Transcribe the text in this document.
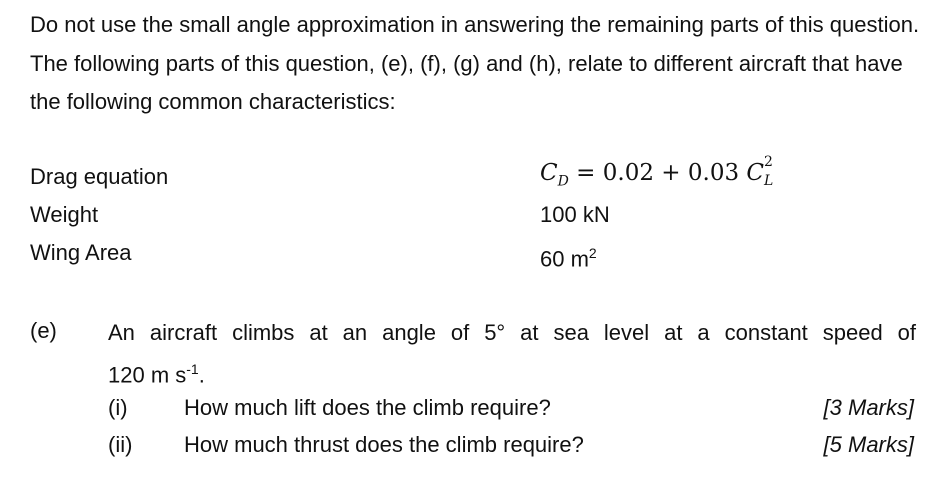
Do not use the small angle approximation in answering the remaining parts of this question. The following parts of this question, (e), (f), (g) and (h), relate to different aircraft that have the following common characteristics:

Drag equation	$C_D = 0.02 + 0.03$ C 2
L
Weight	100 kN
Wing Area	60 $m^2$
(e) An aircraft climbs at an angle of 5° at sea level at a constant speed of
120 m $s^{-1}$.
(i)	How much lift does the climb require?	[3 Marks]
(ii) How much thrust does the climb require?	[5 Marks]
